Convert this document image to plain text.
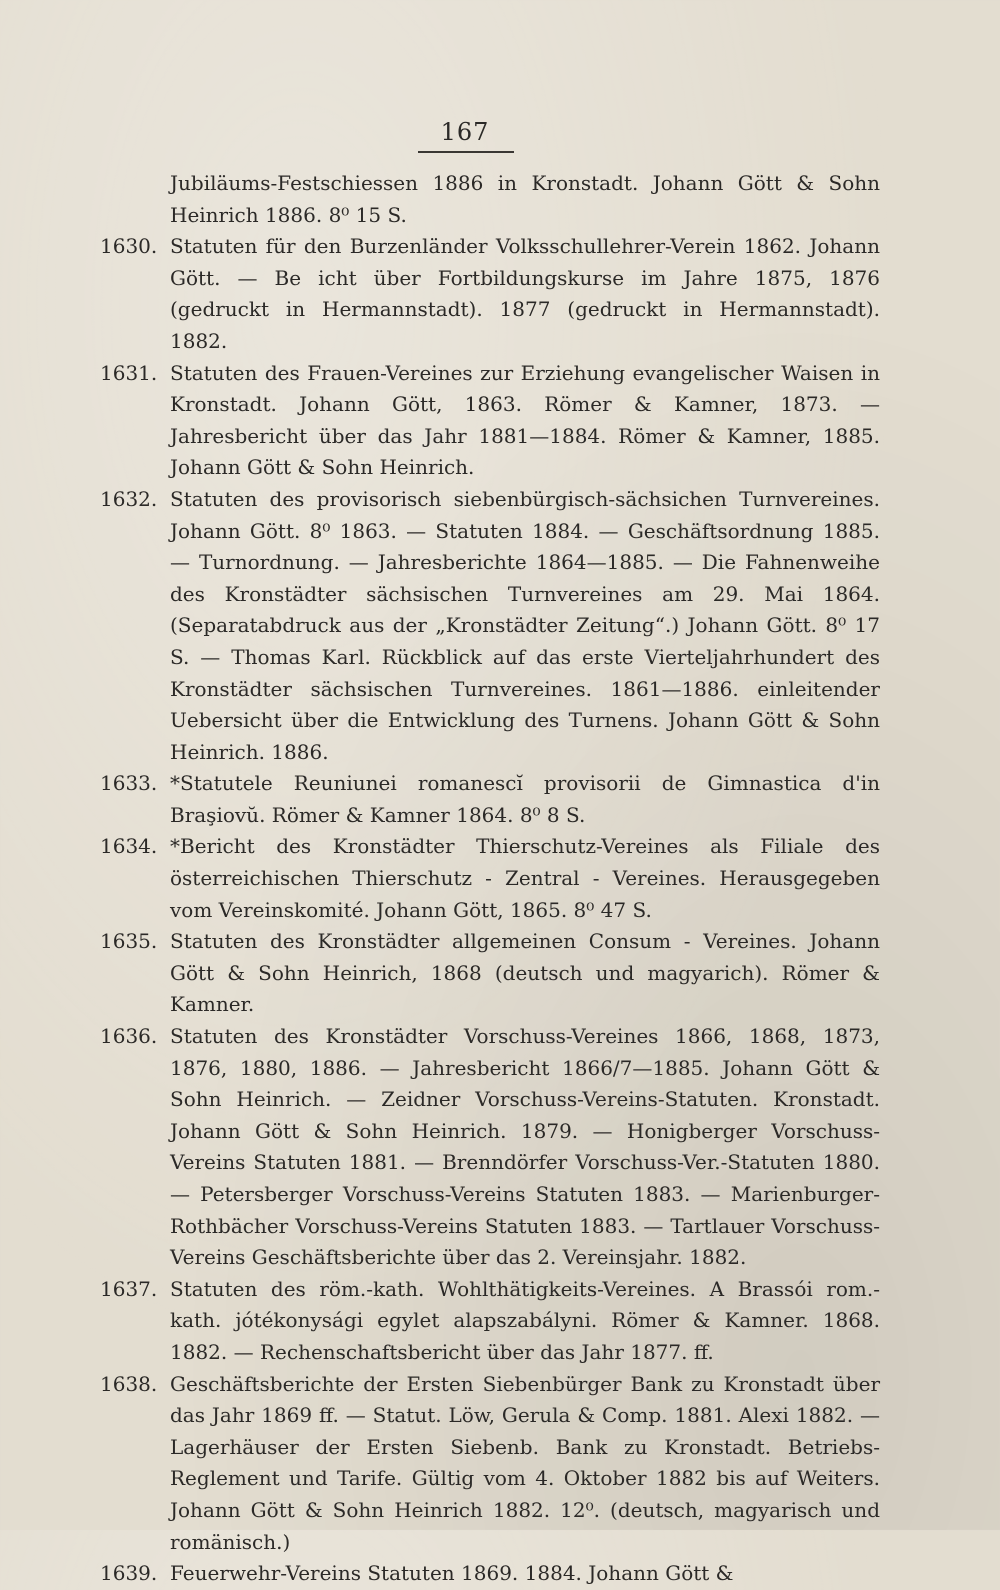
167
Jubiläums-Festschiessen 1886 in Kronstadt. Johann Gött & Sohn Heinrich 1886. 8⁰ 15 S.
1630. Statuten für den Burzenländer Volksschullehrer-Verein 1862. Johann Gött. — Be icht über Fortbildungskurse im Jahre 1875, 1876 (gedruckt in Hermannstadt). 1877 (gedruckt in Hermannstadt). 1882.
1631. Statuten des Frauen-Vereines zur Erziehung evangelischer Waisen in Kronstadt. Johann Gött, 1863. Römer & Kamner, 1873. — Jahresbericht über das Jahr 1881—1884. Römer & Kamner, 1885. Johann Gött & Sohn Heinrich.
1632. Statuten des provisorisch siebenbürgisch-sächsichen Turnvereines. Johann Gött. 8⁰ 1863. — Statuten 1884. — Geschäftsordnung 1885. — Turnordnung. — Jahresberichte 1864—1885. — Die Fahnenweihe des Kronstädter sächsischen Turnvereines am 29. Mai 1864. (Separatabdruck aus der „Kronstädter Zeitung“.) Johann Gött. 8⁰ 17 S. — Thomas Karl. Rückblick auf das erste Vierteljahrhundert des Kronstädter sächsischen Turnvereines. 1861—1886. einleitender Uebersicht über die Entwicklung des Turnens. Johann Gött & Sohn Heinrich. 1886.
1633. *Statutele Reuniunei romanescĭ provisorii de Gimnastica d'in Braşiovŭ. Römer & Kamner 1864. 8⁰ 8 S.
1634. *Bericht des Kronstädter Thierschutz-Vereines als Filiale des österreichischen Thierschutz - Zentral - Vereines. Herausgegeben vom Vereinskomité. Johann Gött, 1865. 8⁰ 47 S.
1635. Statuten des Kronstädter allgemeinen Consum - Vereines. Johann Gött & Sohn Heinrich, 1868 (deutsch und magyarich). Römer & Kamner.
1636. Statuten des Kronstädter Vorschuss-Vereines 1866, 1868, 1873, 1876, 1880, 1886. — Jahresbericht 1866/7—1885. Johann Gött & Sohn Heinrich. — Zeidner Vorschuss-Vereins-Statuten. Kronstadt. Johann Gött & Sohn Heinrich. 1879. — Honigberger Vorschuss-Vereins Statuten 1881. — Brenndörfer Vorschuss-Ver.-Statuten 1880. — Petersberger Vorschuss-Vereins Statuten 1883. — Marienburger-Rothbächer Vorschuss-Vereins Statuten 1883. — Tartlauer Vorschuss-Vereins Geschäftsberichte über das 2. Vereinsjahr. 1882.
1637. Statuten des röm.-kath. Wohlthätigkeits-Vereines. A Brassói rom.-kath. jótékonysági egylet alapszabályni. Römer & Kamner. 1868. 1882. — Rechenschaftsbericht über das Jahr 1877. ff.
1638. Geschäftsberichte der Ersten Siebenbürger Bank zu Kronstadt über das Jahr 1869 ff. — Statut. Löw, Gerula & Comp. 1881. Alexi 1882. — Lagerhäuser der Ersten Siebenb. Bank zu Kronstadt. Betriebs-Reglement und Tarife. Gültig vom 4. Oktober 1882 bis auf Weiters. Johann Gött & Sohn Heinrich 1882. 12⁰. (deutsch, magyarisch und romänisch.)
1639. Feuerwehr-Vereins Statuten 1869. 1884. Johann Gött &
